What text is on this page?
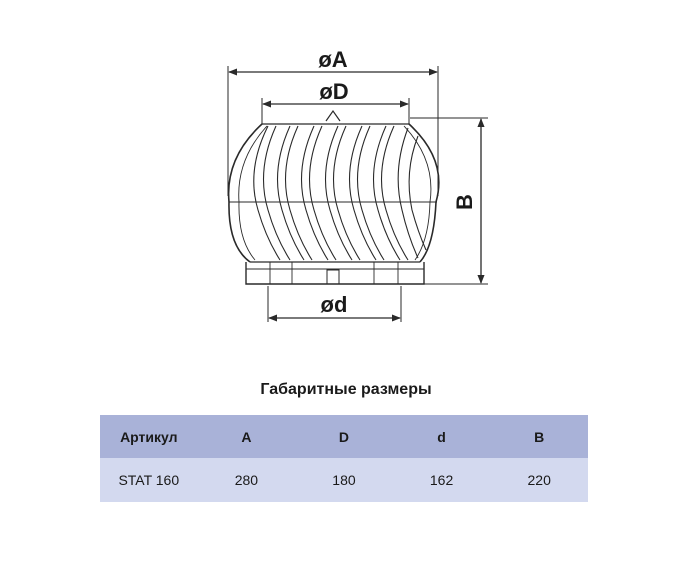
øA
øD
ød
B
Габаритные размеры
Артикул	A	D	d	B
STAT 160	280	180	162	220
